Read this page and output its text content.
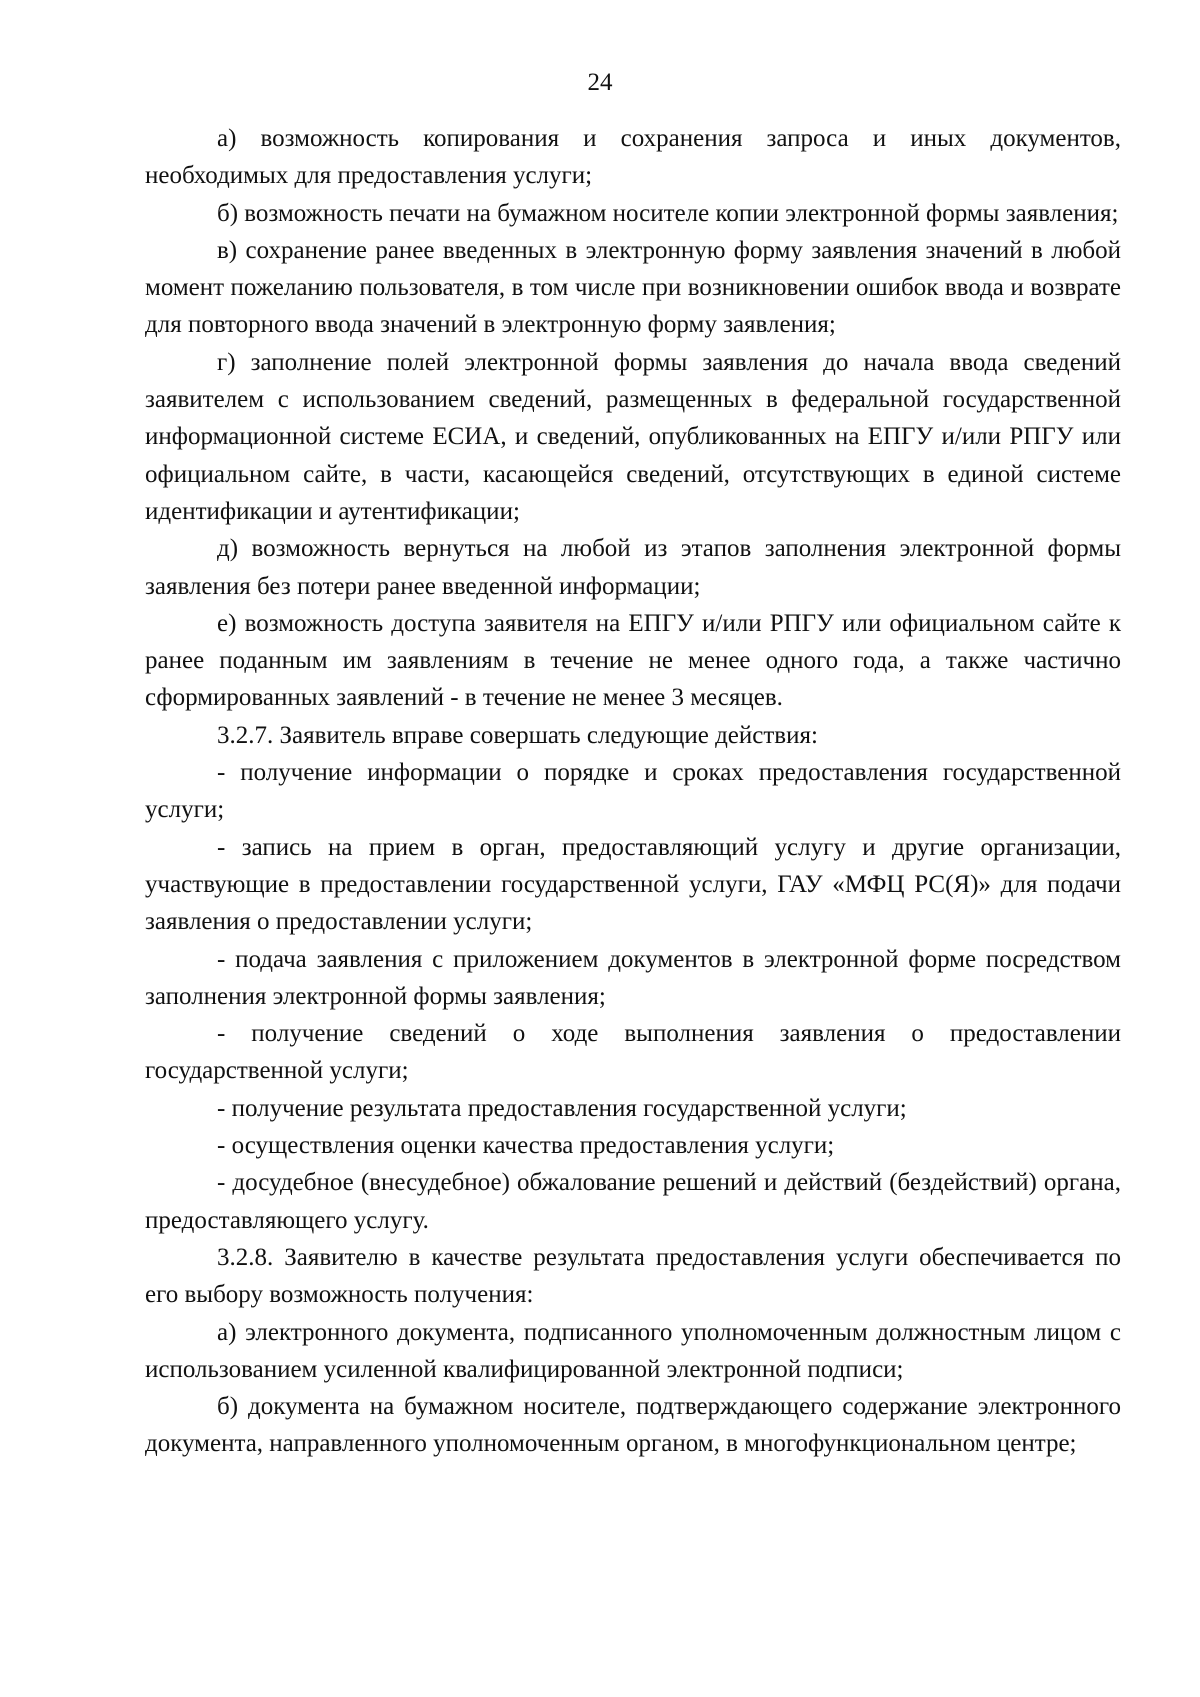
24

а) возможность копирования и сохранения запроса и иных документов, необходимых для предоставления услуги;

б) возможность печати на бумажном носителе копии электронной формы заявления;

в) сохранение ранее введенных в электронную форму заявления значений в любой момент пожеланию пользователя, в том числе при возникновении ошибок ввода и возврате для повторного ввода значений в электронную форму заявления;

г) заполнение полей электронной формы заявления до начала ввода сведений заявителем с использованием сведений, размещенных в федеральной государственной информационной системе ЕСИА, и сведений, опубликованных на ЕПГУ и/или РПГУ или официальном сайте, в части, касающейся сведений, отсутствующих в единой системе идентификации и аутентификации;

д) возможность вернуться на любой из этапов заполнения электронной формы заявления без потери ранее введенной информации;

е) возможность доступа заявителя на ЕПГУ и/или РПГУ или официальном сайте к ранее поданным им заявлениям в течение не менее одного года, а также частично сформированных заявлений - в течение не менее 3 месяцев.

3.2.7. Заявитель вправе совершать следующие действия:

- получение информации о порядке и сроках предоставления государственной услуги;

- запись на прием в орган, предоставляющий услугу и другие организации, участвующие в предоставлении государственной услуги, ГАУ «МФЦ РС(Я)» для подачи заявления о предоставлении услуги;

- подача заявления с приложением документов в электронной форме посредством заполнения электронной формы заявления;

- получение сведений о ходе выполнения заявления о предоставлении государственной услуги;

- получение результата предоставления государственной услуги;

- осуществления оценки качества предоставления услуги;

- досудебное (внесудебное) обжалование решений и действий (бездействий) органа, предоставляющего услугу.

3.2.8. Заявителю в качестве результата предоставления услуги обеспечивается по его выбору возможность получения:

а) электронного документа, подписанного уполномоченным должностным лицом с использованием усиленной квалифицированной электронной подписи;

б) документа на бумажном носителе, подтверждающего содержание электронного документа, направленного уполномоченным органом, в многофункциональном центре;
